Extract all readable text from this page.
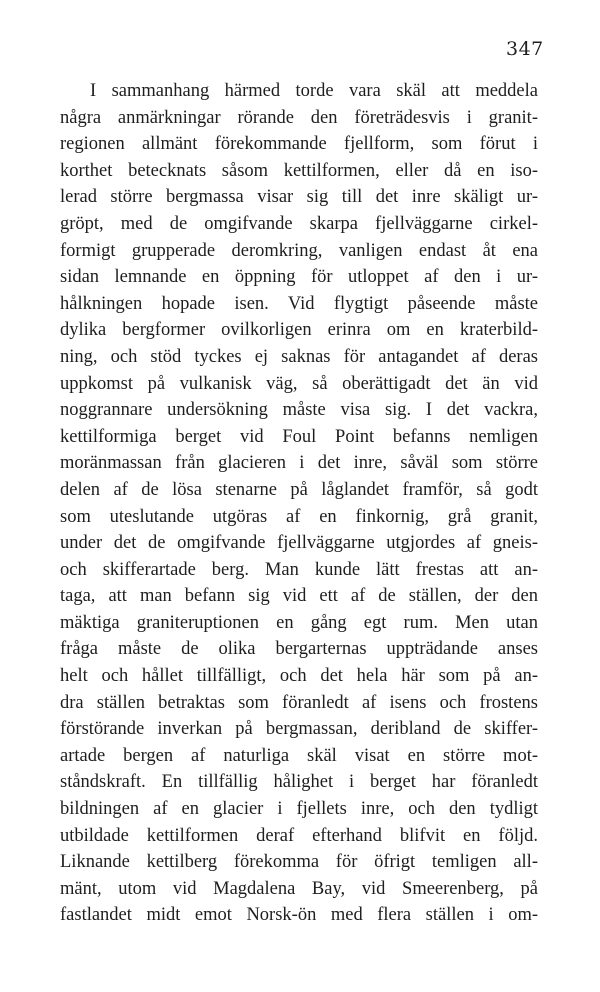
347
I sammanhang härmed torde vara skäl att meddela
några anmärkningar rörande den företrädesvis i granit-
regionen allmänt förekommande fjellform, som förut i
korthet betecknats såsom kettilformen, eller då en iso-
lerad större bergmassa visar sig till det inre skäligt ur-
gröpt, med de omgifvande skarpa fjellväggarne cirkel-
formigt grupperade deromkring, vanligen endast åt ena
sidan lemnande en öppning för utloppet af den i ur-
hålkningen hopade isen. Vid flygtigt påseende måste
dylika bergformer ovilkorligen erinra om en kraterbild-
ning, och stöd tyckes ej saknas för antagandet af deras
uppkomst på vulkanisk väg, så oberättigadt det än vid
noggrannare undersökning måste visa sig. I det vackra,
kettilformiga berget vid Foul Point befanns nemligen
moränmassan från glacieren i det inre, såväl som större
delen af de lösa stenarne på låglandet framför, så godt
som uteslutande utgöras af en finkornig, grå granit,
under det de omgifvande fjellväggarne utgjordes af gneis-
och skifferartade berg. Man kunde lätt frestas att an-
taga, att man befann sig vid ett af de ställen, der den
mäktiga graniteruptionen en gång egt rum. Men utan
fråga måste de olika bergarternas uppträdande anses
helt och hållet tillfälligt, och det hela här som på an-
dra ställen betraktas som föranledt af isens och frostens
förstörande inverkan på bergmassan, deribland de skiffer-
artade bergen af naturliga skäl visat en större mot-
ståndskraft. En tillfällig hålighet i berget har föranledt
bildningen af en glacier i fjellets inre, och den tydligt
utbildade kettilformen deraf efterhand blifvit en följd.
Liknande kettilberg förekomma för öfrigt temligen all-
mänt, utom vid Magdalena Bay, vid Smeerenberg, på
fastlandet midt emot Norsk-ön med flera ställen i om-
